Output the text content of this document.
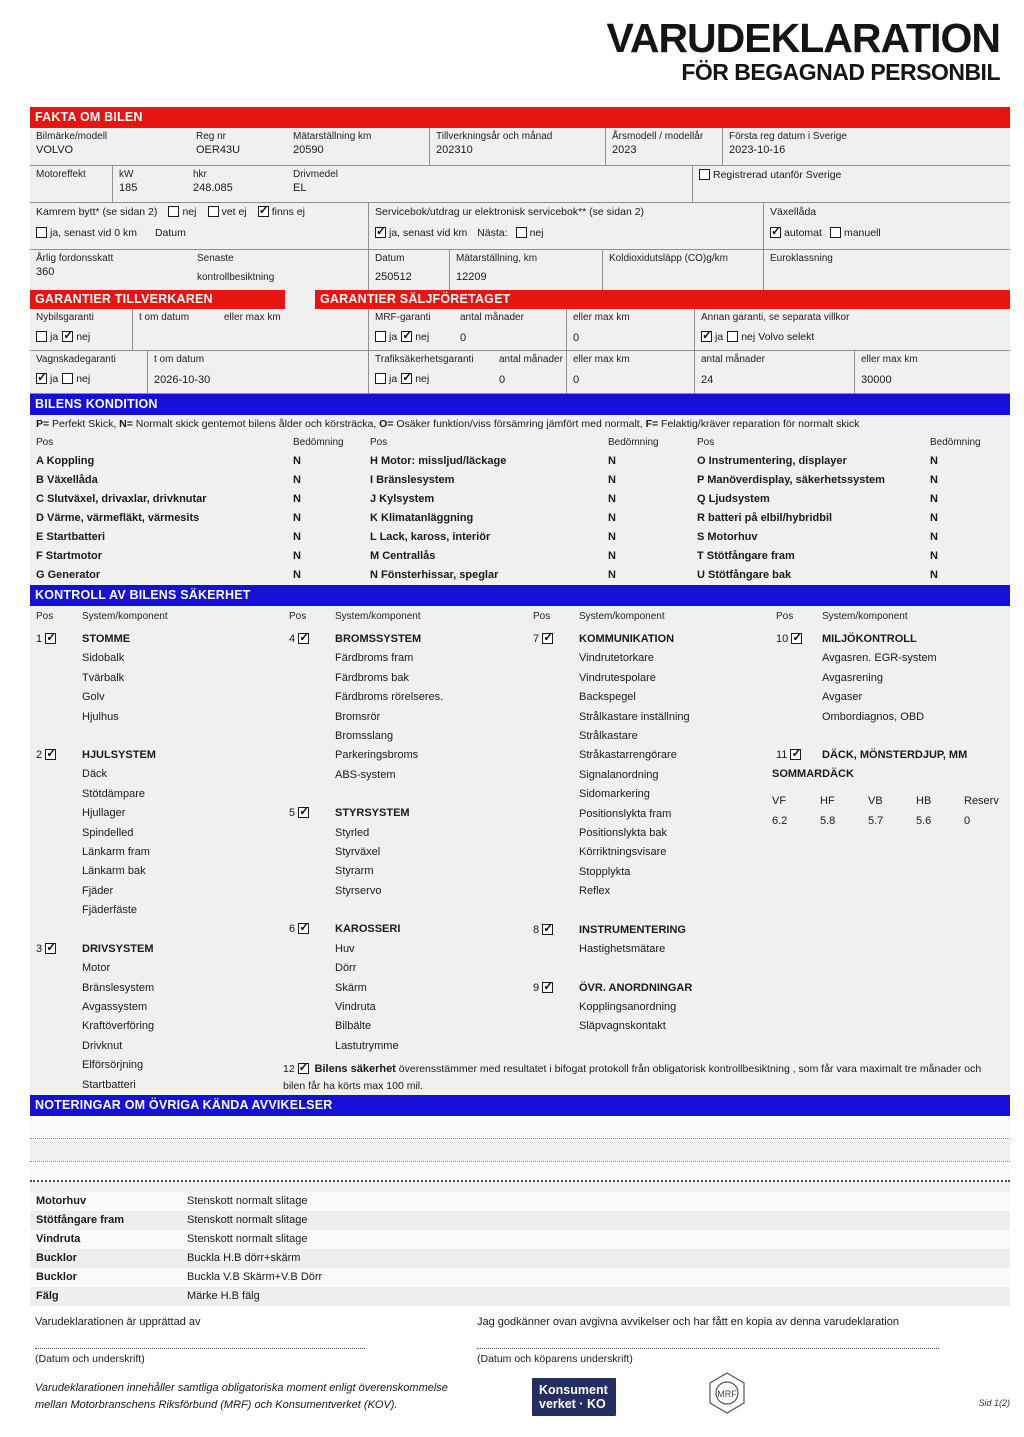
VARUDEKLARATION
FÖR BEGAGNAD PERSONBIL
FAKTA OM BILEN
Bilmärke/modell
VOLVO
Reg nr
OER43U
Mätarställning km
20590
Tillverkningsår och månad
202310
Årsmodell / modellår
2023
Första reg datum i Sverige
2023-10-16
Motoreffekt	kW
185
hkr
248.085
Drivmedel
EL
Registrerad utanför Sverige
Kamrem bytt* (se sidan 2) nej vet ej ✓ finns ej
ja, senast vid 0 km Datum
Servicebok/utdrag ur elektronisk servicebok** (se sidan 2)
✓ja, senast vid km Nästa: nej
Växellåda
✓automat manuell
Årlig fordonsskatt
360
Senaste
kontrollbesiktning
Datum
250512
Mätarställning, km
12209
Koldioxidutsläpp (CO)g/km	Euroklassning
GARANTIER TILLVERKAREN	GARANTIER SÄLJFÖRETAGET
Nybilsgaranti	t om datum	eller max km
ja ✓ nej
Vagnskadegaranti	t om datum
✓ja nej	2026-10-30
MRF-garanti	antal månader	eller max km	Annan garanti, se separata villkor
ja ✓ nej	0	0 ✓	ja nej Volvo selekt
Trafiksäkerhetsgaranti	antal månader	eller max km	antal månader	eller max km
ja ✓ nej	0	0	24	30000
BILENS KONDITION
P= Perfekt Skick, N= Normalt skick gentemot bilens ålder och körsträcka, O= Osäker funktion/viss försämring jämfört med normalt, F= Felaktig/kräver reparation för normalt skick
Pos	Bedömning	Pos	Bedömning	Pos	Bedömning
A Koppling	N	H Motor: missljud/läckage	N	O Instrumentering, displayer	N
B Växellåda	N	I Bränslesystem	N	P Manöverdisplay, säkerhetssystem	N
C Slutväxel, drivaxlar, drivknutar	N	J Kylsystem	N	Q Ljudsystem	N
D Värme, värmefläkt, värmesits	N	K Klimatanläggning	N	R batteri på elbil/hybridbil	N
E Startbatteri	N	L Lack, kaross, interiör	N	S Motorhuv	N
F Startmotor	N	M Centrallås	N	T Stötfångare fram	N
G Generator	N	N Fönsterhissar, speglar	N	U Stötfångare bak	N
KONTROLL AV BILENS SÄKERHET
Pos	System/komponent
1 ✓	STOMME
Sidobalk
Tvärbalk
Golv
Hjulhus
2 ✓	HJULSYSTEM
Däck
Stötdämpare
Hjullager
Spindelled
Länkarm fram
Länkarm bak
Fjäder
Fjäderfäste
3 ✓	DRIVSYSTEM
Motor
Bränslesystem
Avgassystem
Kraftöverföring
Drivknut
Elförsörjning
Startbatteri
Pos	System/komponent
4 ✓	BROMSSYSTEM
Färdbroms fram
Färdbroms bak
Färdbroms rörelseres.
Bromsrör
Bromsslang
Parkeringsbroms
ABS-system
5 ✓	STYRSYSTEM
Styrled
Styrväxel
Styrarm
Styrservo
6 ✓	KAROSSERI
Huv
Dörr
Skärm
Vindruta
Bilbälte
Lastutrymme
Pos	System/komponent
7 ✓	KOMMUNIKATION
Vindrutetorkare
Vindrutespolare
Backspegel
Strålkastare inställning
Strålkastare
Stråkastarrengörare
Signalanordning
Sidomarkering
Positionslykta fram
Positionslykta bak
Körriktningsvisare
Stopplykta
Reflex
8 ✓	INSTRUMENTERING
Hastighetsmätare
9 ✓	ÖVR. ANORDNINGAR
Kopplingsanordning
Släpvagnskontakt
Pos	System/komponent
10 ✓	MILJÖKONTROLL
Avgasren. EGR-system
Avgasrening
Avgaser
Ombordiagnos, OBD
11 ✓	DÄCK, MÖNSTERDJUP, MM
SOMMARDÄCK
VF	HF	VB	HB	Reserv
6.2	5.8	5.7	5.6	0
12 ✓ Bilens säkerhet överensstämmer med resultatet i bifogat protokoll från obligatorisk kontrollbesiktning , som får vara maximalt tre månader och bilen får ha körts max 100 mil.
NOTERINGAR OM ÖVRIGA KÄNDA AVVIKELSER
Motorhuv	Stenskott normalt slitage
Stötfångare fram	Stenskott normalt slitage
Vindruta	Stenskott normalt slitage
Bucklor	Buckla H.B dörr+skärm
Bucklor	Buckla V.B Skärm+V.B Dörr
Fälg	Märke H.B fälg
Varudeklarationen är upprättad av	Jag godkänner ovan avgivna avvikelser och har fått en kopia av denna varudeklaration
(Datum och underskrift)	(Datum och köparens underskrift)
Varudeklarationen innehåller samtliga obligatoriska moment enligt överenskommelse
mellan Motorbranschens Riksförbund (MRF) och Konsumentverket (KOV).
Konsument
verket · KO
MRF
Sid 1(2)
